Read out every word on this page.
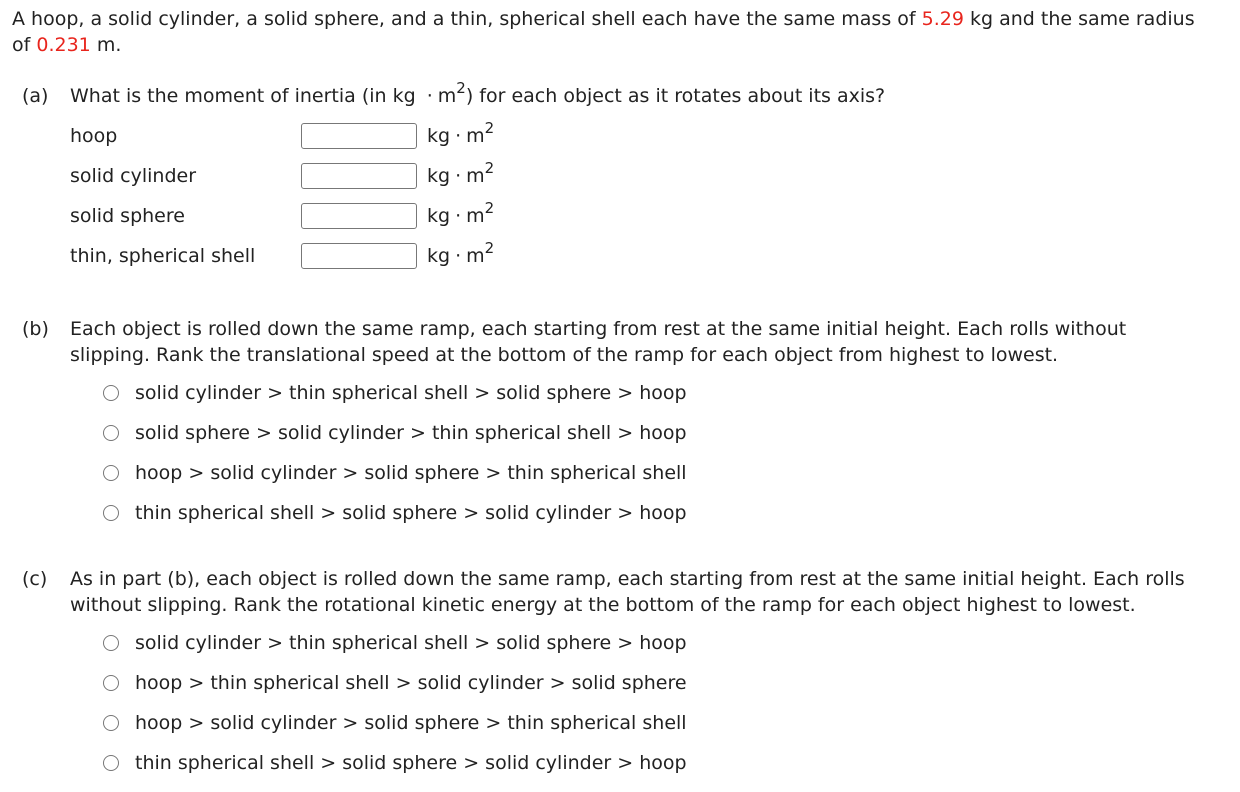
A hoop, a solid cylinder, a solid sphere, and a thin, spherical shell each have the same mass of 5.29 kg and the same radius of 0.231 m.
(a) What is the moment of inertia (in kg · $m^2$) for each object as it rotates about its axis?
hoop	kg · $m^2$
solid cylinder	kg · $m^2$
solid sphere	kg · $m^2$
thin, spherical shell	kg · $m^2$
(b) Each object is rolled down the same ramp, each starting from rest at the same initial height. Each rolls without slipping. Rank the translational speed at the bottom of the ramp for each object from highest to lowest.
solid cylinder > thin spherical shell > solid sphere > hoop
solid sphere > solid cylinder > thin spherical shell > hoop
hoop > solid cylinder > solid sphere > thin spherical shell
thin spherical shell > solid sphere > solid cylinder > hoop
(c) As in part (b), each object is rolled down the same ramp, each starting from rest at the same initial height. Each rolls without slipping. Rank the rotational kinetic energy at the bottom of the ramp for each object highest to lowest.
solid cylinder > thin spherical shell > solid sphere > hoop
hoop > thin spherical shell > solid cylinder > solid sphere
hoop > solid cylinder > solid sphere > thin spherical shell
thin spherical shell > solid sphere > solid cylinder > hoop
